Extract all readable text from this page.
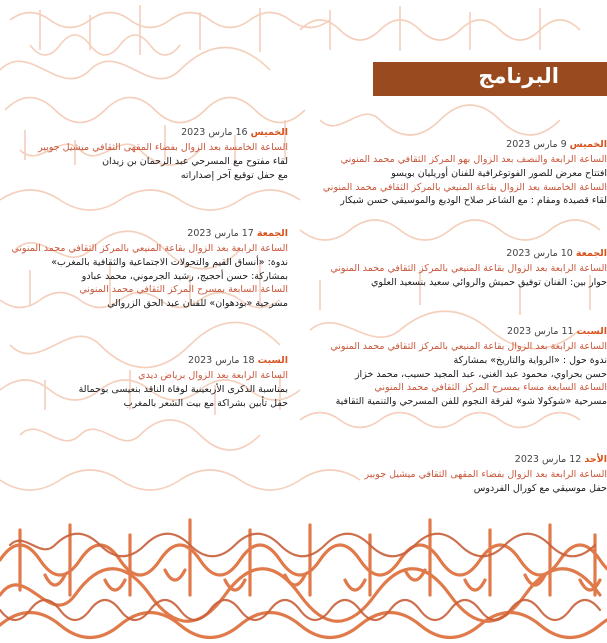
البرنامج
الخميس 9 مارس 2023
الساعة الرابعة والنصف بعد الزوال بهو المركز الثقافي محمد المنوني
افتتاح معرض للصور الفوتوغرافية للفنان أوريليان بويسو
الساعة الخامسة بعد الزوال بقاعة المنيعي بالمركز الثقافي محمد المنوني
لقاء قصيدة ومقام : مع الشاعر صلاح الوديع والموسيقي حسن شيكار
الجمعة 10 مارس 2023
الساعة الرابعة بعد الزوال بقاعة المنيعي بالمركز الثقافي محمد المنوني
حوار بين: الفنان توفيق حميش والروائي سعيد بنسعيد العلوي
السبت 11 مارس 2023
الساعة الرابعة بعد الزوال بقاعة المنيعي بالمركز الثقافي محمد المنوني
ندوة حول : «الرواية والتاريخ» بمشاركة
حسن بحراوي، محمود عبد الغني، عبد المجيد حسيب، محمد خزاز
الساعة السابعة مساء بمسرح المركز الثقافي محمد المنوني
مسرحية «شوكولا شو» لفرقة النجوم للفن المسرحي والتنمية الثقافية
الأحد 12 مارس 2023
الساعة الرابعة بعد الزوال بفضاء المقهى الثقافي ميشيل جوبير
حفل موسيقي مع كورال الفردوس
الخميس 16 مارس 2023
الساعة الخامسة بعد الزوال بفضاء المقهى الثقافي ميشيل جوبير
لقاء مفتوح مع المسرحي عبد الرحمان بن زيدان
مع حفل توقيع آخر إصداراته
الجمعة 17 مارس 2023
الساعة الرابعة بعد الزوال بقاعة المنيعي بالمركز الثقافي محمد المنوني
ندوة: «أنساق القيم والتحولات الاجتماعية والثقافية بالمغرب»
بمشاركة: حسن أحجيج، رشيد الجرموني، محمد عبادو
الساعة السابعة بمسرح المركز الثقافي محمد المنوني
مسرحية «بودهوان» للفنان عبد الحق الزروالي
السبت 18 مارس 2023
الساعة الرابعة بعد الزوال برياض ديدي
بمناسبة الذكرى الأربعينية لوفاة الناقد بنعيسى بوحمالة
حفل تأبين بشراكة مع بيت الشعر بالمغرب
